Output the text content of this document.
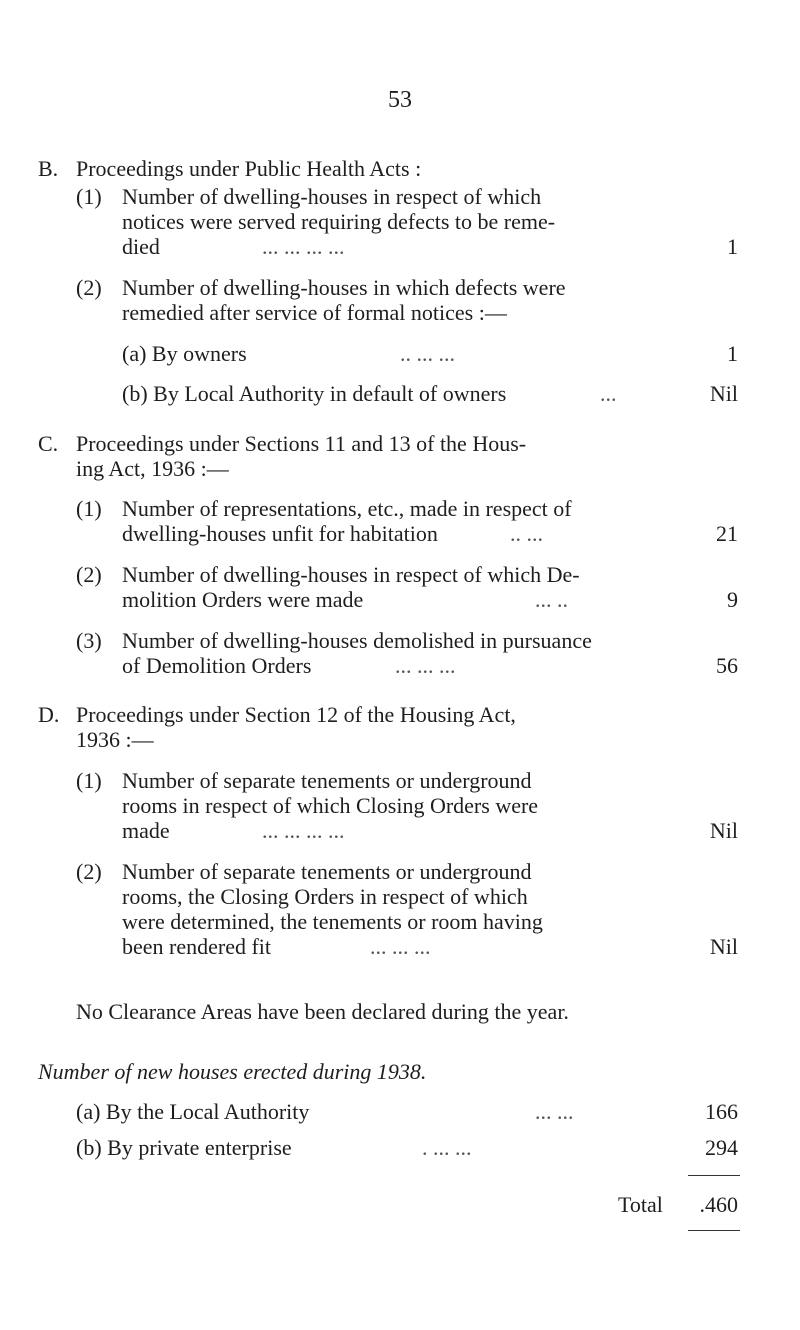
53
B. Proceedings under Public Health Acts :
(1) Number of dwelling-houses in respect of which
notices were served requiring defects to be reme-
died	... ... ... ...	1
(2) Number of dwelling-houses in which defects were
remedied after service of formal notices :—
(a) By owners	.. ... ...	1
(b) By Local Authority in default of owners	...	Nil
C. Proceedings under Sections 11 and 13 of the Hous-
ing Act, 1936 :—
(1) Number of representations, etc., made in respect of
dwelling-houses unfit for habitation	.. ...	21
(2) Number of dwelling-houses in respect of which De-
molition Orders were made	... ..	9
(3) Number of dwelling-houses demolished in pursuance
of Demolition Orders	... ... ...	56
D. Proceedings under Section 12 of the Housing Act,
1936 :—
(1) Number of separate tenements or underground
rooms in respect of which Closing Orders were
made	... ... ... ...	Nil
(2) Number of separate tenements or underground
rooms, the Closing Orders in respect of which
were determined, the tenements or room having
been rendered fit	... ... ...	Nil
No Clearance Areas have been declared during the year.
Number of new houses erected during 1938.
(a) By the Local Authority	... ...	166
(b) By private enterprise	. ... ...	294
Total .460
